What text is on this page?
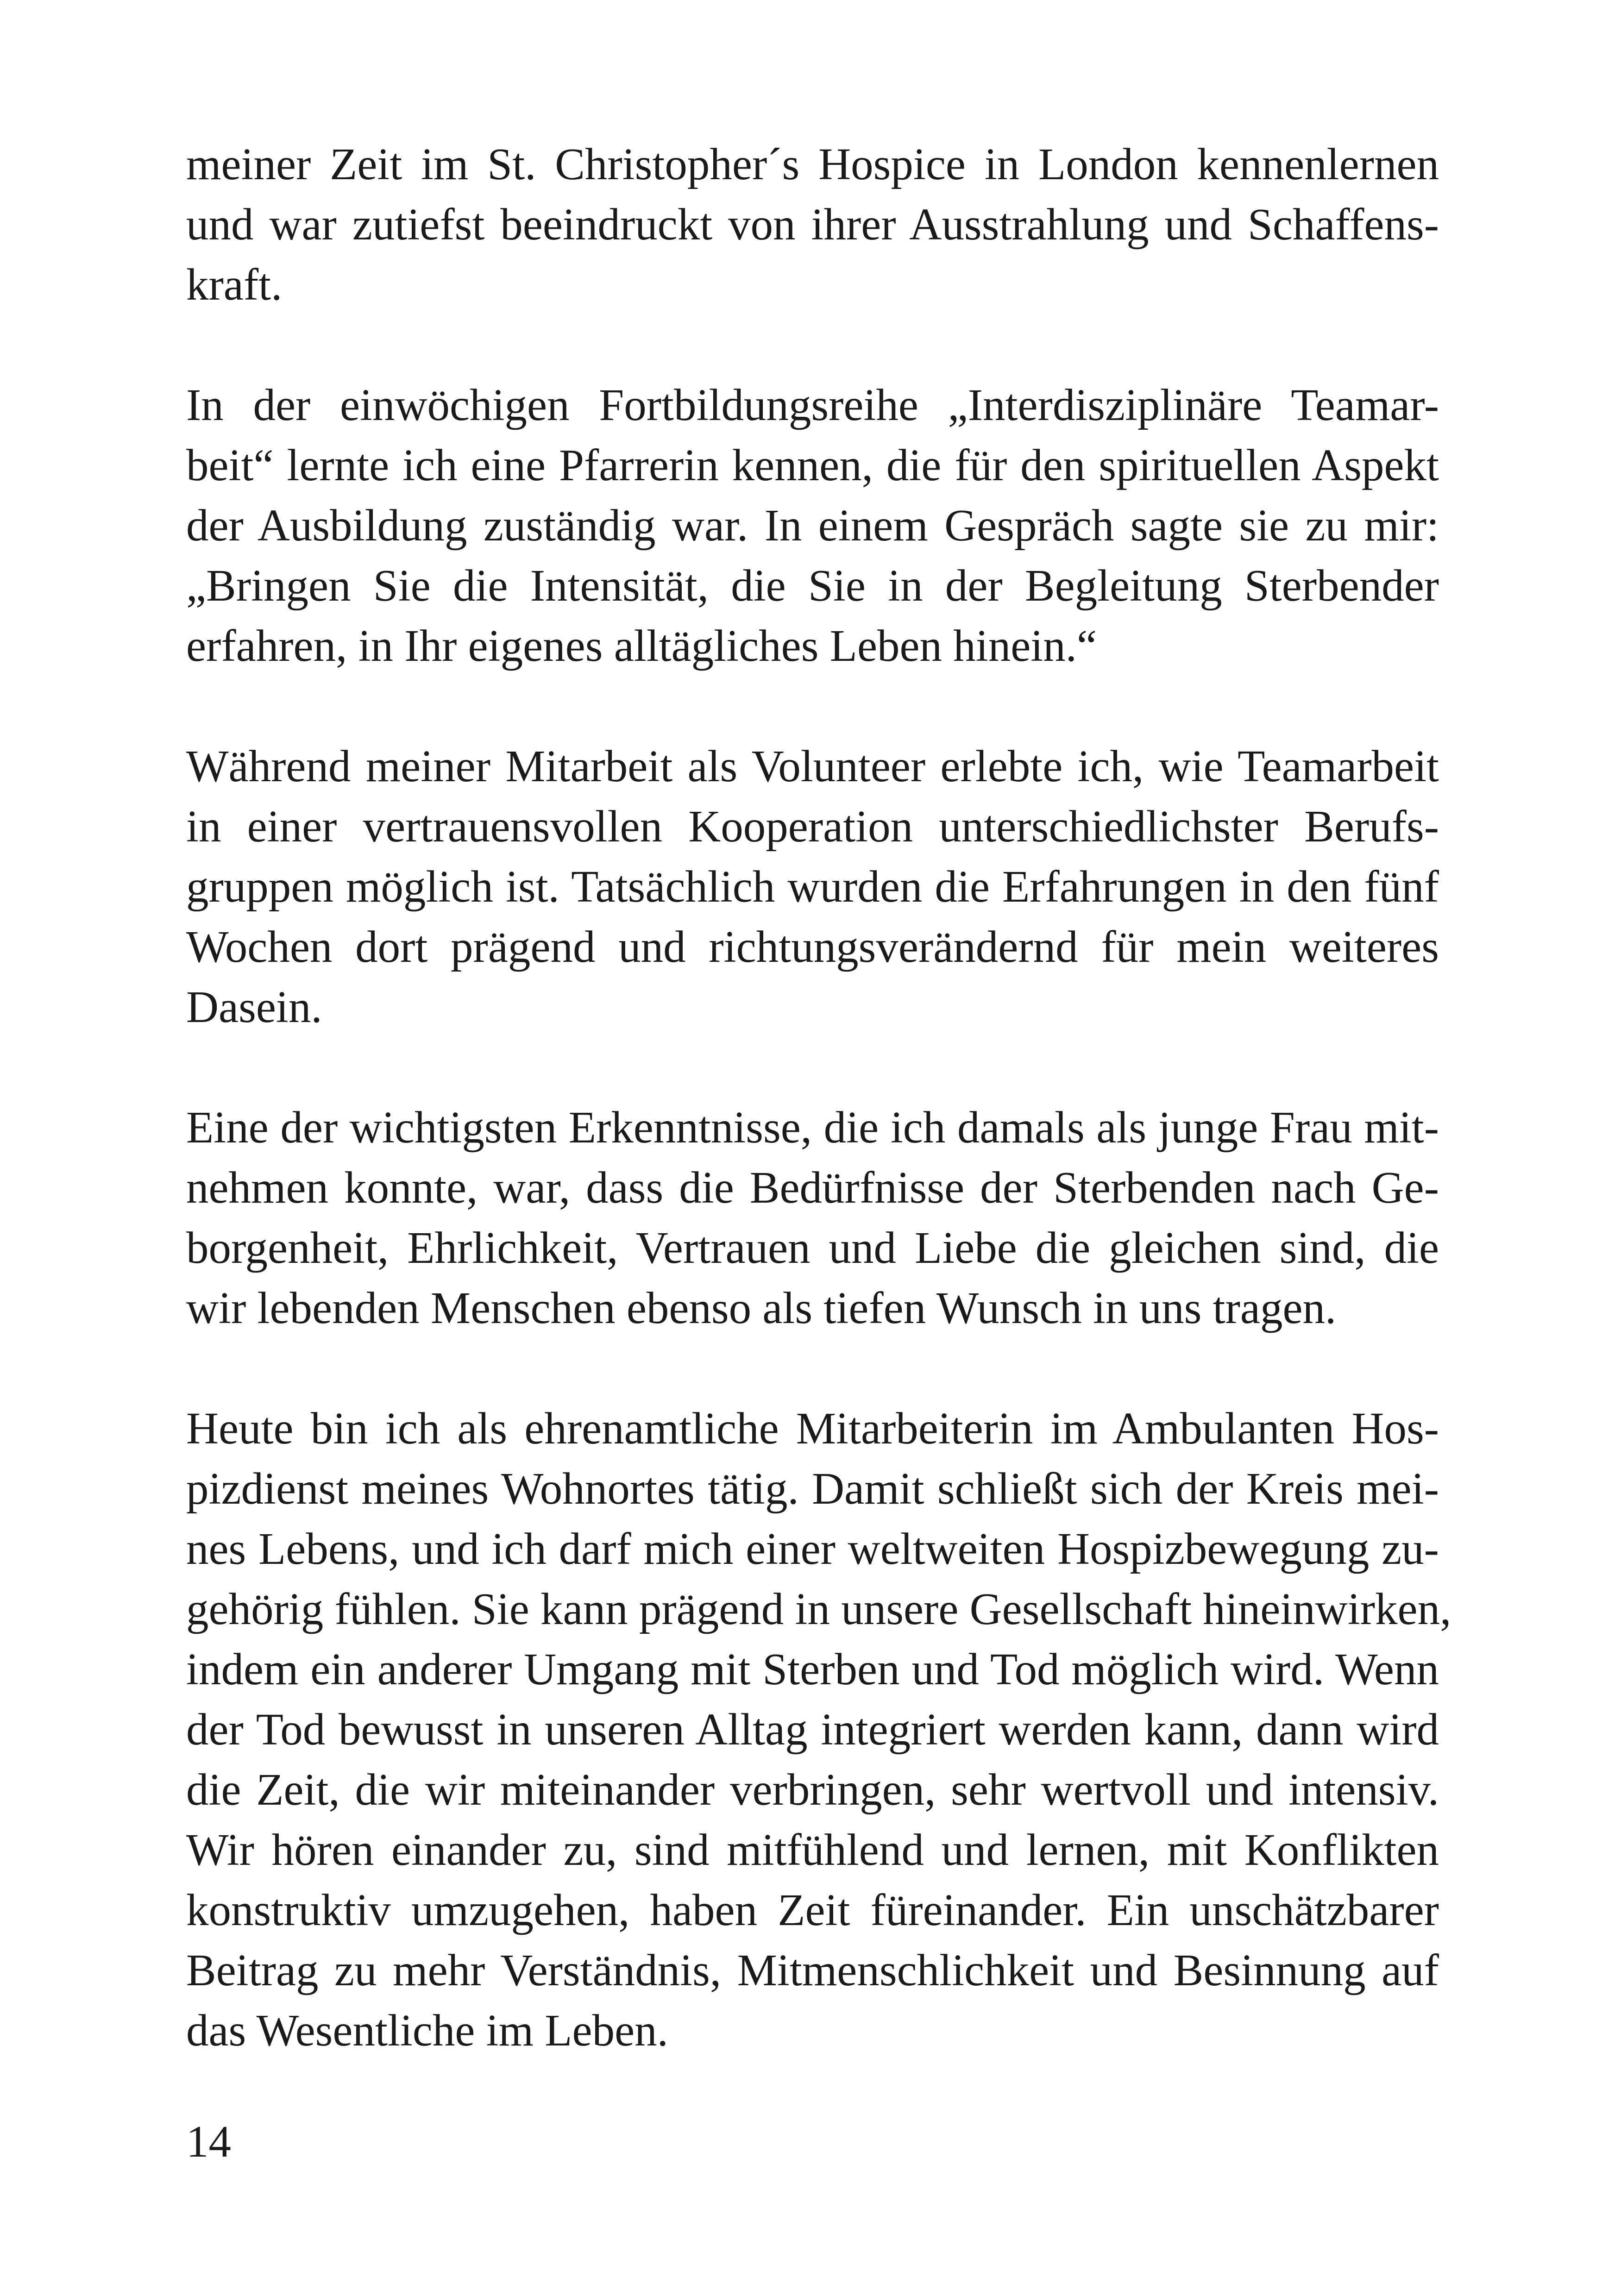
meiner Zeit im St. Christopher´s Hospice in London kennenlernen
und war zutiefst beeindruckt von ihrer Ausstrahlung und Schaffens-
kraft.

In der einwöchigen Fortbildungsreihe „Interdisziplinäre Teamar-
beit“ lernte ich eine Pfarrerin kennen, die für den spirituellen Aspekt
der Ausbildung zuständig war. In einem Gespräch sagte sie zu mir:
„Bringen Sie die Intensität, die Sie in der Begleitung Sterbender
erfahren, in Ihr eigenes alltägliches Leben hinein.“

Während meiner Mitarbeit als Volunteer erlebte ich, wie Teamarbeit
in einer vertrauensvollen Kooperation unterschiedlichster Berufs-
gruppen möglich ist. Tatsächlich wurden die Erfahrungen in den fünf
Wochen dort prägend und richtungsverändernd für mein weiteres
Dasein.

Eine der wichtigsten Erkenntnisse, die ich damals als junge Frau mit-
nehmen konnte, war, dass die Bedürfnisse der Sterbenden nach Ge-
borgenheit, Ehrlichkeit, Vertrauen und Liebe die gleichen sind, die
wir lebenden Menschen ebenso als tiefen Wunsch in uns tragen.

Heute bin ich als ehrenamtliche Mitarbeiterin im Ambulanten Hos-
pizdienst meines Wohnortes tätig. Damit schließt sich der Kreis mei-
nes Lebens, und ich darf mich einer weltweiten Hospizbewegung zu-
gehörig fühlen. Sie kann prägend in unsere Gesellschaft hineinwirken,
indem ein anderer Umgang mit Sterben und Tod möglich wird. Wenn
der Tod bewusst in unseren Alltag integriert werden kann, dann wird
die Zeit, die wir miteinander verbringen, sehr wertvoll und intensiv.
Wir hören einander zu, sind mitfühlend und lernen, mit Konflikten
konstruktiv umzugehen, haben Zeit füreinander. Ein unschätzbarer
Beitrag zu mehr Verständnis, Mitmenschlichkeit und Besinnung auf
das Wesentliche im Leben.

14
